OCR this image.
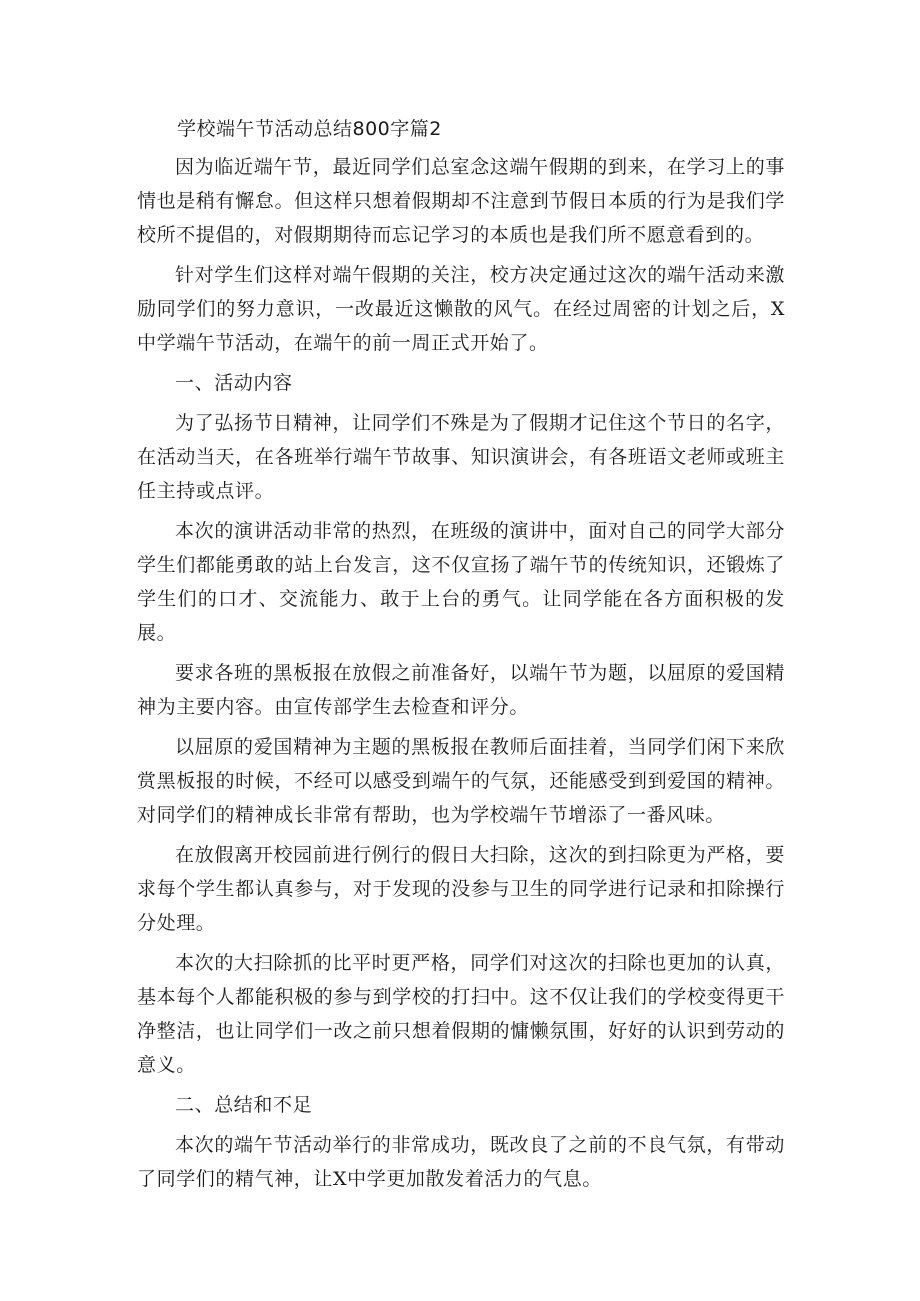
学校端午节活动总结800字篇2

因为临近端午节，最近同学们总室念这端午假期的到来，在学习上的事情也是稍有懈怠。但这样只想着假期却不注意到节假日本质的行为是我们学校所不提倡的，对假期期待而忘记学习的本质也是我们所不愿意看到的。

针对学生们这样对端午假期的关注，校方决定通过这次的端午活动来激励同学们的努力意识，一改最近这懒散的风气。在经过周密的计划之后，X中学端午节活动，在端午的前一周正式开始了。

一、活动内容

为了弘扬节日精神，让同学们不殊是为了假期才记住这个节日的名字，在活动当天，在各班举行端午节故事、知识演讲会，有各班语文老师或班主任主持或点评。

本次的演讲活动非常的热烈，在班级的演讲中，面对自己的同学大部分学生们都能勇敢的站上台发言，这不仅宣扬了端午节的传统知识，还锻炼了学生们的口才、交流能力、敢于上台的勇气。让同学能在各方面积极的发展。

要求各班的黑板报在放假之前准备好，以端午节为题，以屈原的爱国精神为主要内容。由宣传部学生去检查和评分。

以屈原的爱国精神为主题的黑板报在教师后面挂着，当同学们闲下来欣赏黑板报的时候，不经可以感受到端午的气氛，还能感受到到爱国的精神。对同学们的精神成长非常有帮助，也为学校端午节增添了一番风味。

在放假离开校园前进行例行的假日大扫除，这次的到扫除更为严格，要求每个学生都认真参与，对于发现的没参与卫生的同学进行记录和扣除操行分处理。

本次的大扫除抓的比平时更严格，同学们对这次的扫除也更加的认真，基本每个人都能积极的参与到学校的打扫中。这不仅让我们的学校变得更干净整洁，也让同学们一改之前只想着假期的慵懒氛围，好好的认识到劳动的意义。

二、总结和不足

本次的端午节活动举行的非常成功，既改良了之前的不良气氛，有带动了同学们的精气神，让X中学更加散发着活力的气息。
